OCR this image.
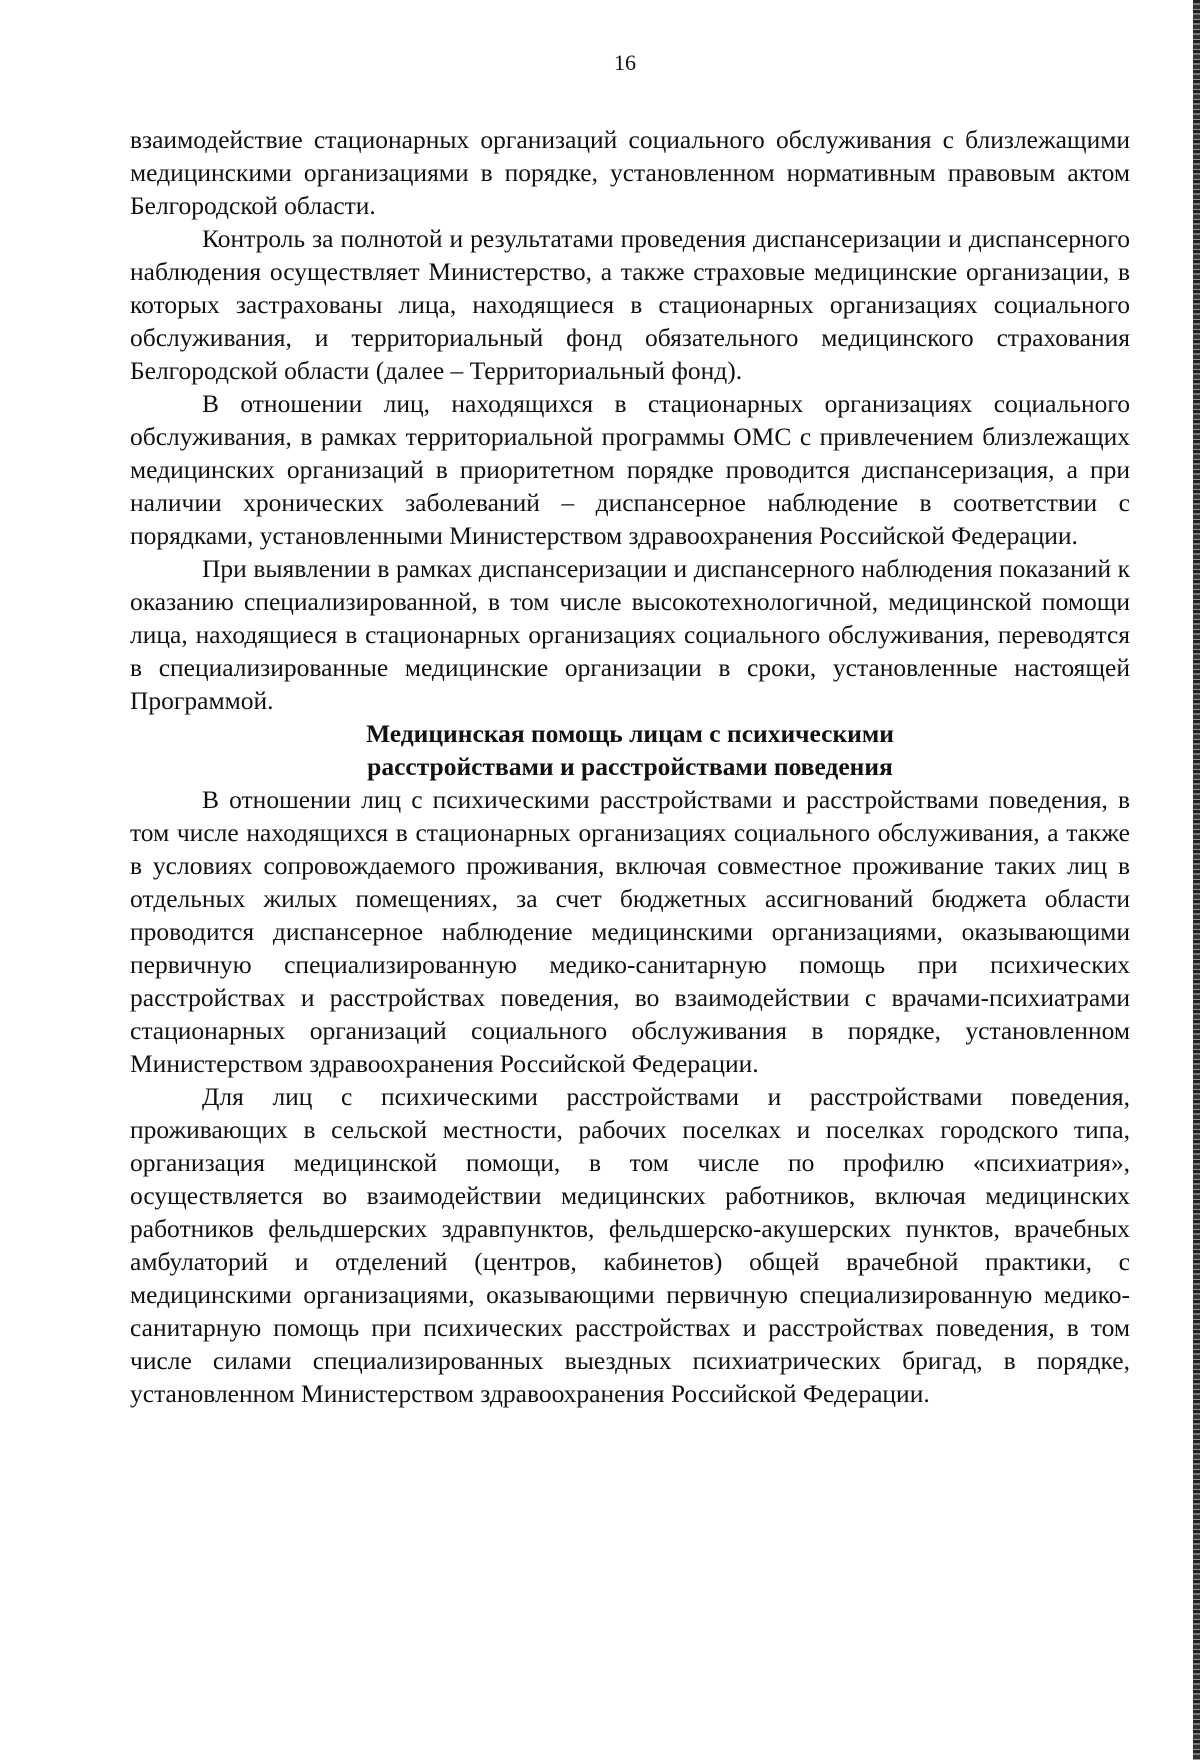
16

взаимодействие стационарных организаций социального обслуживания с близлежащими медицинскими организациями в порядке, установленном нормативным правовым актом Белгородской области.

Контроль за полнотой и результатами проведения диспансеризации и диспансерного наблюдения осуществляет Министерство, а также страховые медицинские организации, в которых застрахованы лица, находящиеся в стационарных организациях социального обслуживания, и территориальный фонд обязательного медицинского страхования Белгородской области (далее – Территориальный фонд).

В отношении лиц, находящихся в стационарных организациях социального обслуживания, в рамках территориальной программы ОМС с привлечением близлежащих медицинских организаций в приоритетном порядке проводится диспансеризация, а при наличии хронических заболеваний – диспансерное наблюдение в соответствии с порядками, установленными Министерством здравоохранения Российской Федерации.

При выявлении в рамках диспансеризации и диспансерного наблюдения показаний к оказанию специализированной, в том числе высокотехнологичной, медицинской помощи лица, находящиеся в стационарных организациях социального обслуживания, переводятся в специализированные медицинские организации в сроки, установленные настоящей Программой.

Медицинская помощь лицам с психическими
расстройствами и расстройствами поведения

В отношении лиц с психическими расстройствами и расстройствами поведения, в том числе находящихся в стационарных организациях социального обслуживания, а также в условиях сопровождаемого проживания, включая совместное проживание таких лиц в отдельных жилых помещениях, за счет бюджетных ассигнований бюджета области проводится диспансерное наблюдение медицинскими организациями, оказывающими первичную специализированную медико-санитарную помощь при психических расстройствах и расстройствах поведения, во взаимодействии с врачами-психиатрами стационарных организаций социального обслуживания в порядке, установленном Министерством здравоохранения Российской Федерации.

Для лиц с психическими расстройствами и расстройствами поведения, проживающих в сельской местности, рабочих поселках и поселках городского типа, организация медицинской помощи, в том числе по профилю «психиатрия», осуществляется во взаимодействии медицинских работников, включая медицинских работников фельдшерских здравпунктов, фельдшерско-акушерских пунктов, врачебных амбулаторий и отделений (центров, кабинетов) общей врачебной практики, с медицинскими организациями, оказывающими первичную специализированную медико-санитарную помощь при психических расстройствах и расстройствах поведения, в том числе силами специализированных выездных психиатрических бригад, в порядке, установленном Министерством здравоохранения Российской Федерации.
